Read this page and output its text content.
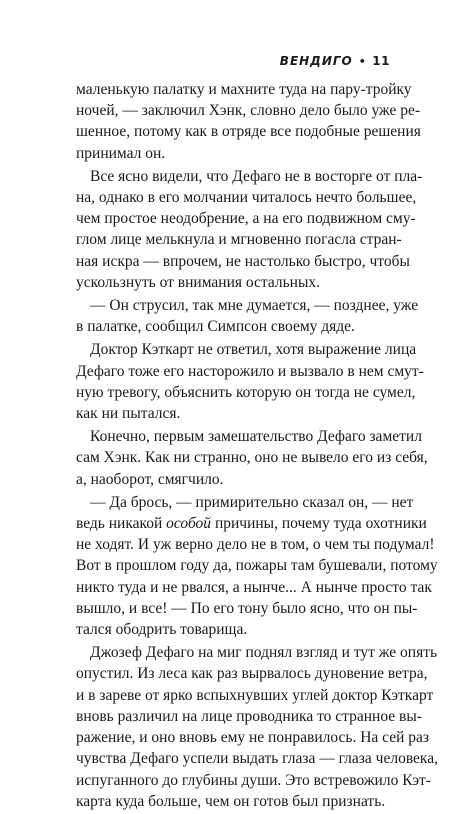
ВЕНДИГО • 11
маленькую палатку и махните туда на пару-тройку
ночей, — заключил Хэнк, словно дело было уже ре-
шенное, потому как в отряде все подобные решения
принимал он.
Все ясно видели, что Дефаго не в восторге от пла-
на, однако в его молчании читалось нечто большее,
чем простое неодобрение, а на его подвижном сму-
глом лице мелькнула и мгновенно погасла стран-
ная искра — впрочем, не настолько быстро, чтобы
ускользнуть от внимания остальных.
— Он струсил, так мне думается, — позднее, уже
в палатке, сообщил Симпсон своему дяде.
Доктор Кэткарт не ответил, хотя выражение лица
Дефаго тоже его насторожило и вызвало в нем смут-
ную тревогу, объяснить которую он тогда не сумел,
как ни пытался.
Конечно, первым замешательство Дефаго заметил
сам Хэнк. Как ни странно, оно не вывело его из себя,
а, наоборот, смягчило.
— Да брось, — примирительно сказал он, — нет
ведь никакой особой причины, почему туда охотники
не ходят. И уж верно дело не в том, о чем ты подумал!
Вот в прошлом году да, пожары там бушевали, потому
никто туда и не рвался, а нынче... А нынче просто так
вышло, и все! — По его тону было ясно, что он пы-
тался ободрить товарища.
Джозеф Дефаго на миг поднял взгляд и тут же опять
опустил. Из леса как раз вырвалось дуновение ветра,
и в зареве от ярко вспыхнувших углей доктор Кэткарт
вновь различил на лице проводника то странное вы-
ражение, и оно вновь ему не понравилось. На сей раз
чувства Дефаго успели выдать глаза — глаза человека,
испуганного до глубины души. Это встревожило Кэт-
карта куда больше, чем он готов был признать.
